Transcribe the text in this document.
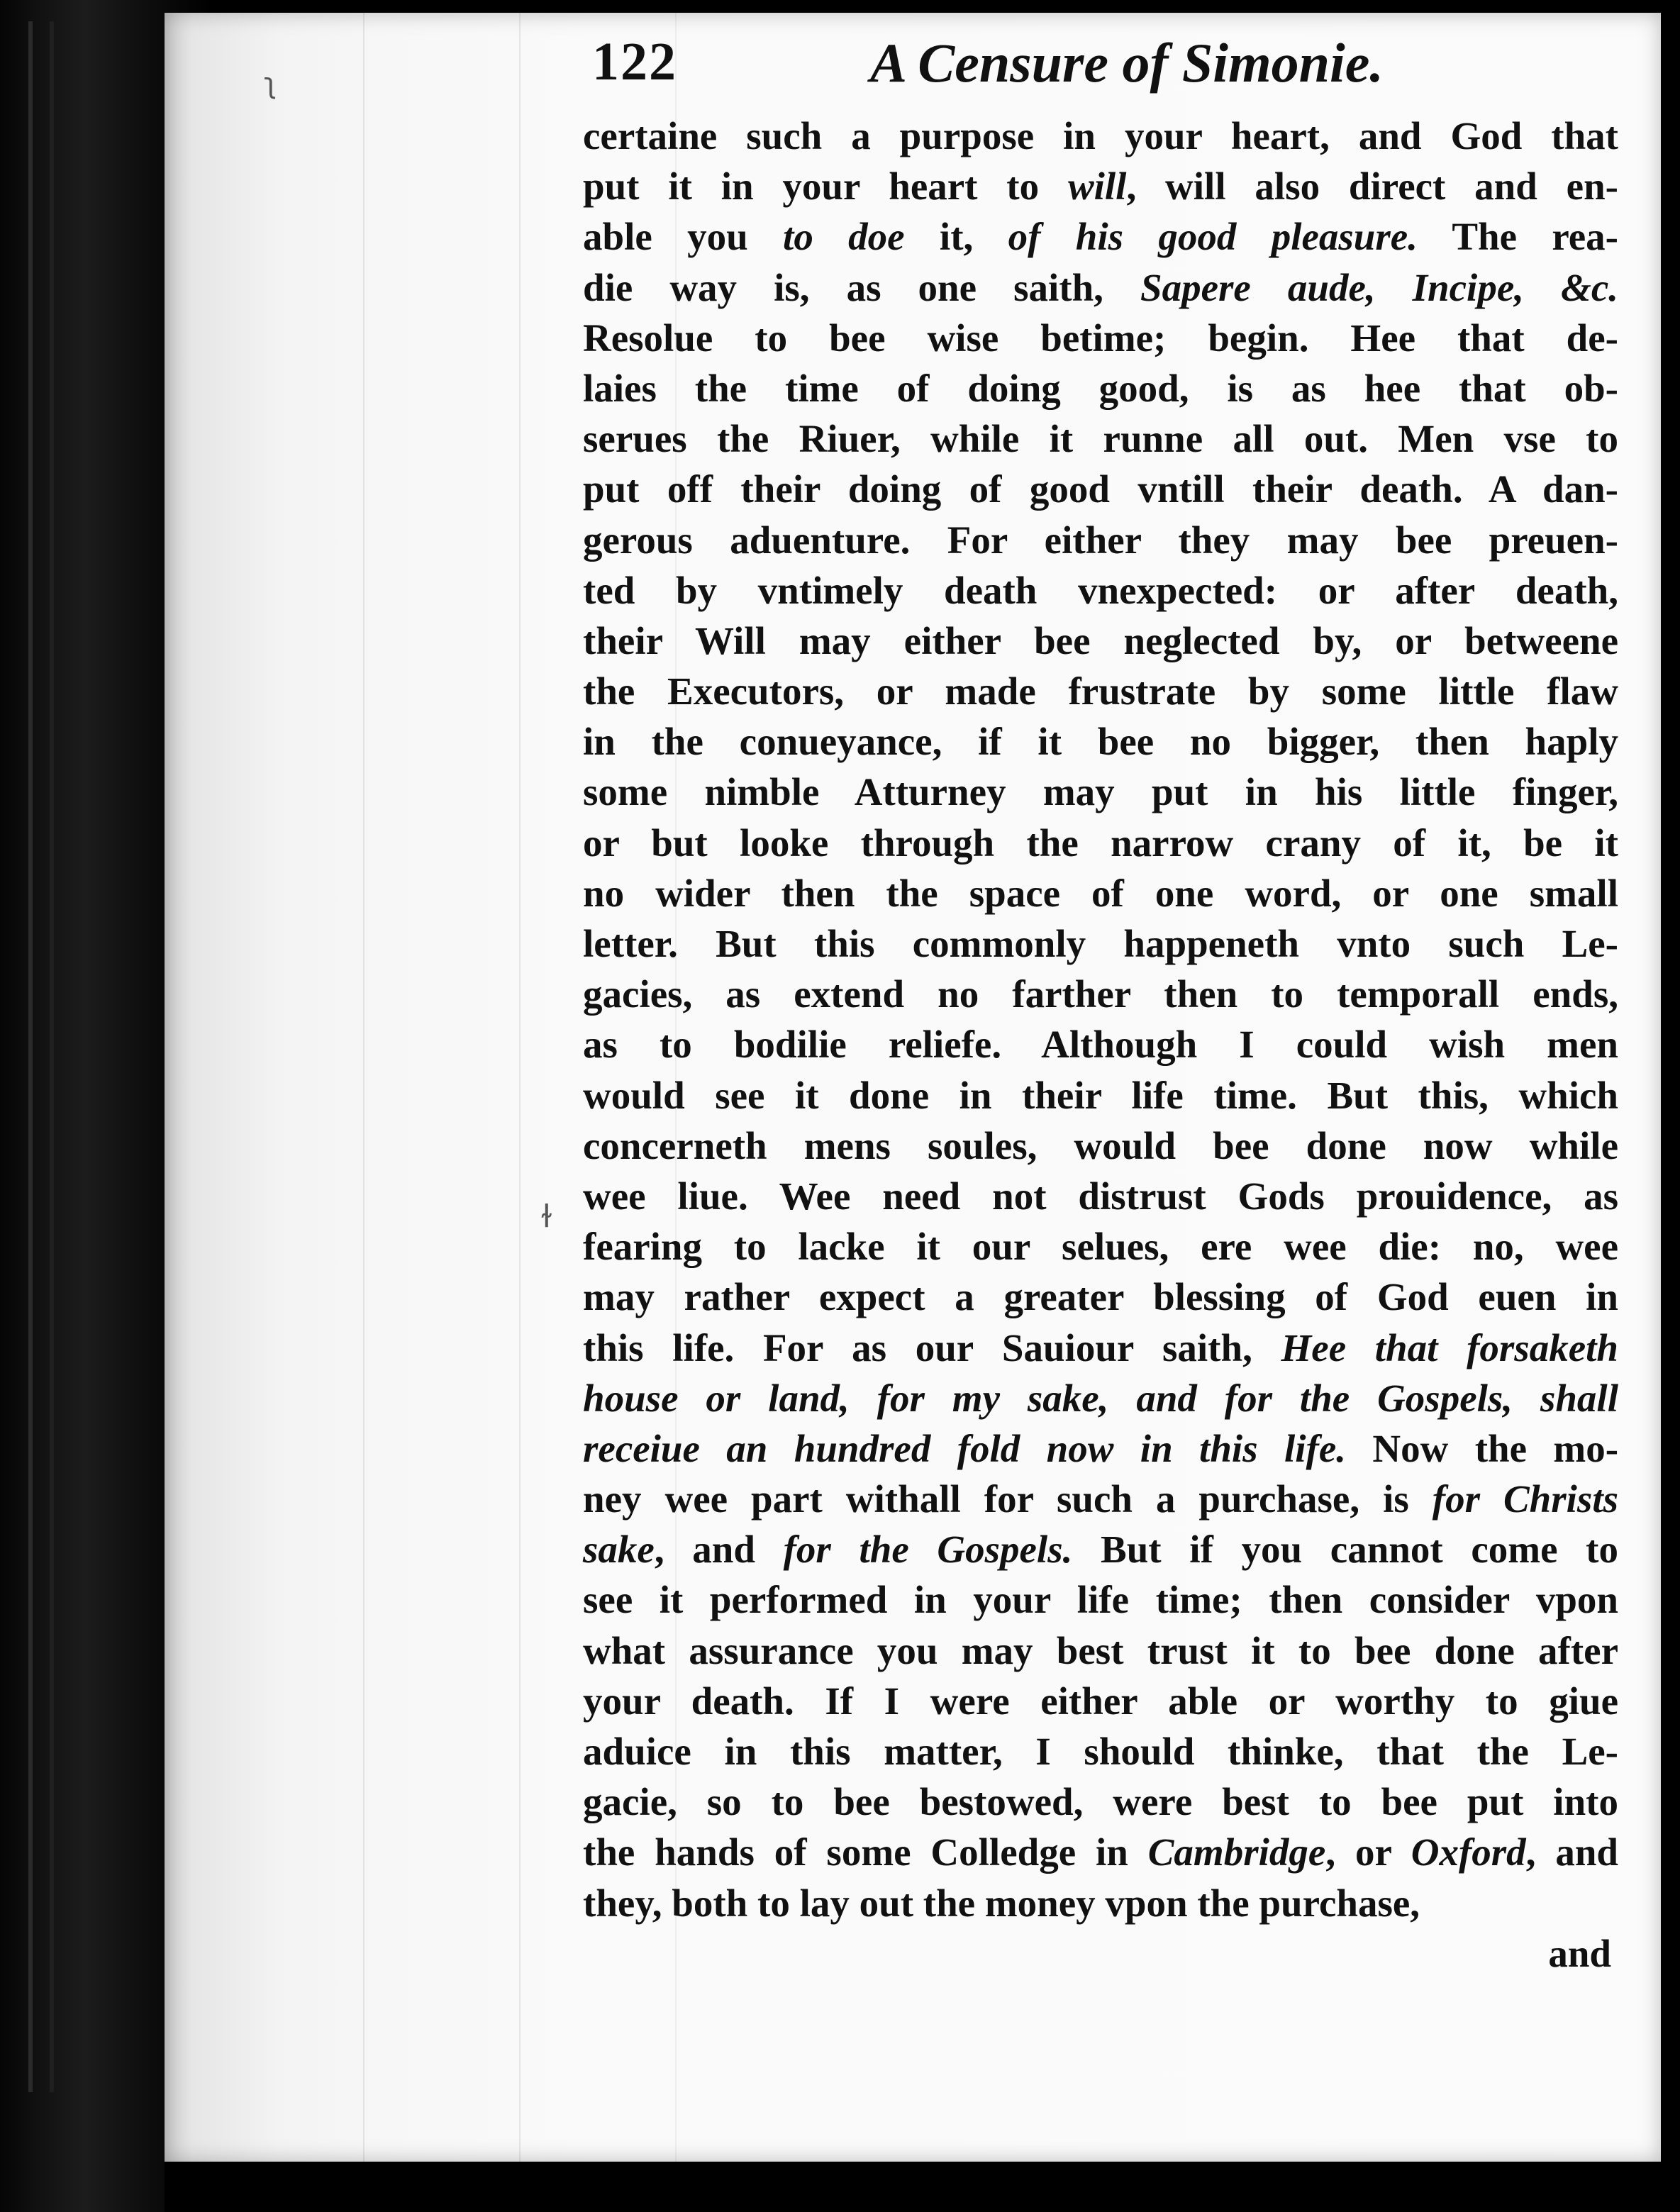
122	A Censure of Simonie.
ʅ
ɫ
certaine such a purpose in your heart, and God that
put it in your heart to will, will also direct and en-
able you to doe it, of his good pleasure. The rea-
die way is, as one saith, Sapere aude, Incipe, &c.
Resolue to bee wise betime; begin. Hee that de-
laies the time of doing good, is as hee that ob-
serues the Riuer, while it runne all out. Men vse to
put off their doing of good vntill their death. A dan-
gerous aduenture. For either they may bee preuen-
ted by vntimely death vnexpected: or after death,
their Will may either bee neglected by, or betweene
the Executors, or made frustrate by some little flaw
in the conueyance, if it bee no bigger, then haply
some nimble Atturney may put in his little finger,
or but looke through the narrow crany of it, be it
no wider then the space of one word, or one small
letter. But this commonly happeneth vnto such Le-
gacies, as extend no farther then to temporall ends,
as to bodilie reliefe. Although I could wish men
would see it done in their life time. But this, which
concerneth mens soules, would bee done now while
wee liue. Wee need not distrust Gods prouidence, as
fearing to lacke it our selues, ere wee die: no, wee
may rather expect a greater blessing of God euen in
this life. For as our Sauiour saith, Hee that forsaketh
house or land, for my sake, and for the Gospels, shall
receiue an hundred fold now in this life. Now the mo-
ney wee part withall for such a purchase, is for Christs
sake, and for the Gospels. But if you cannot come to
see it performed in your life time; then consider vpon
what assurance you may best trust it to bee done after
your death. If I were either able or worthy to giue
aduice in this matter, I should thinke, that the Le-
gacie, so to bee bestowed, were best to bee put into
the hands of some Colledge in Cambridge, or Oxford, and
they, both to lay out the money vpon the purchase,
and
